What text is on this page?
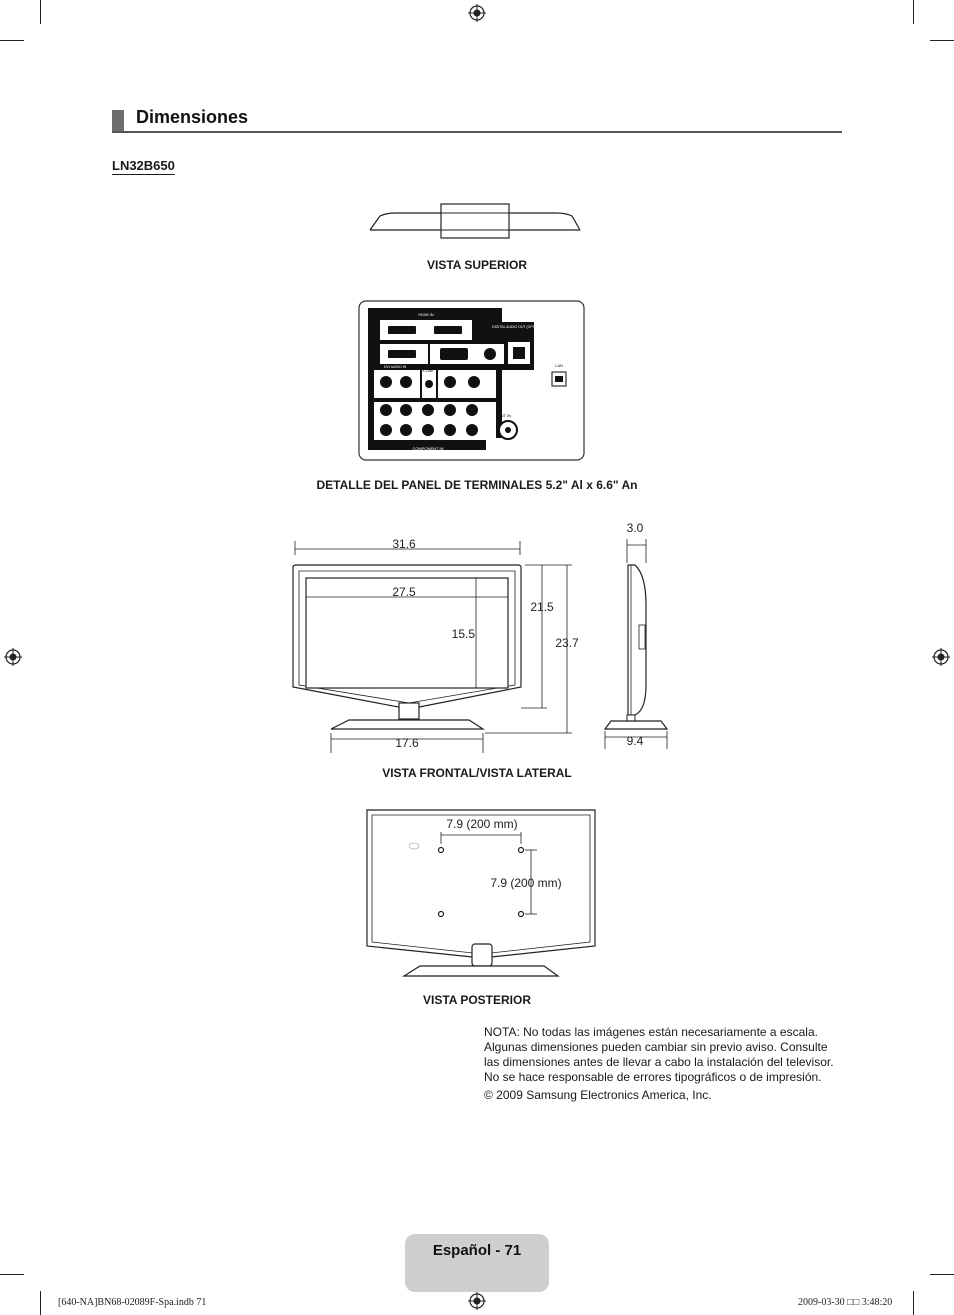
Dimensiones
LN32B650
VISTA SUPERIOR
HDMI IN
DIGITAL AUDIO OUT (OPTICAL)
LAN
DVI AUDIO IN
EX-LINK
ANT IN
COMPONENT IN
DETALLE DEL PANEL DE TERMINALES 5.2" Al x 6.6" An
31.6
27.5
15.5
21.5
23.7
17.6
3.0
9.4
VISTA FRONTAL/VISTA LATERAL
7.9 (200 mm)
7.9 (200 mm)
VISTA POSTERIOR

NOTA: No todas las imágenes están necesariamente a escala. Algunas dimensiones pueden cambiar sin previo aviso. Consulte las dimensiones antes de llevar a cabo la instalación del televisor. No se hace responsable de errores tipográficos o de impresión.

© 2009 Samsung Electronics America, Inc.

Español - 71
[640-NA]BN68-02089F-Spa.indb 71	2009-03-30 □□ 3:48:20
